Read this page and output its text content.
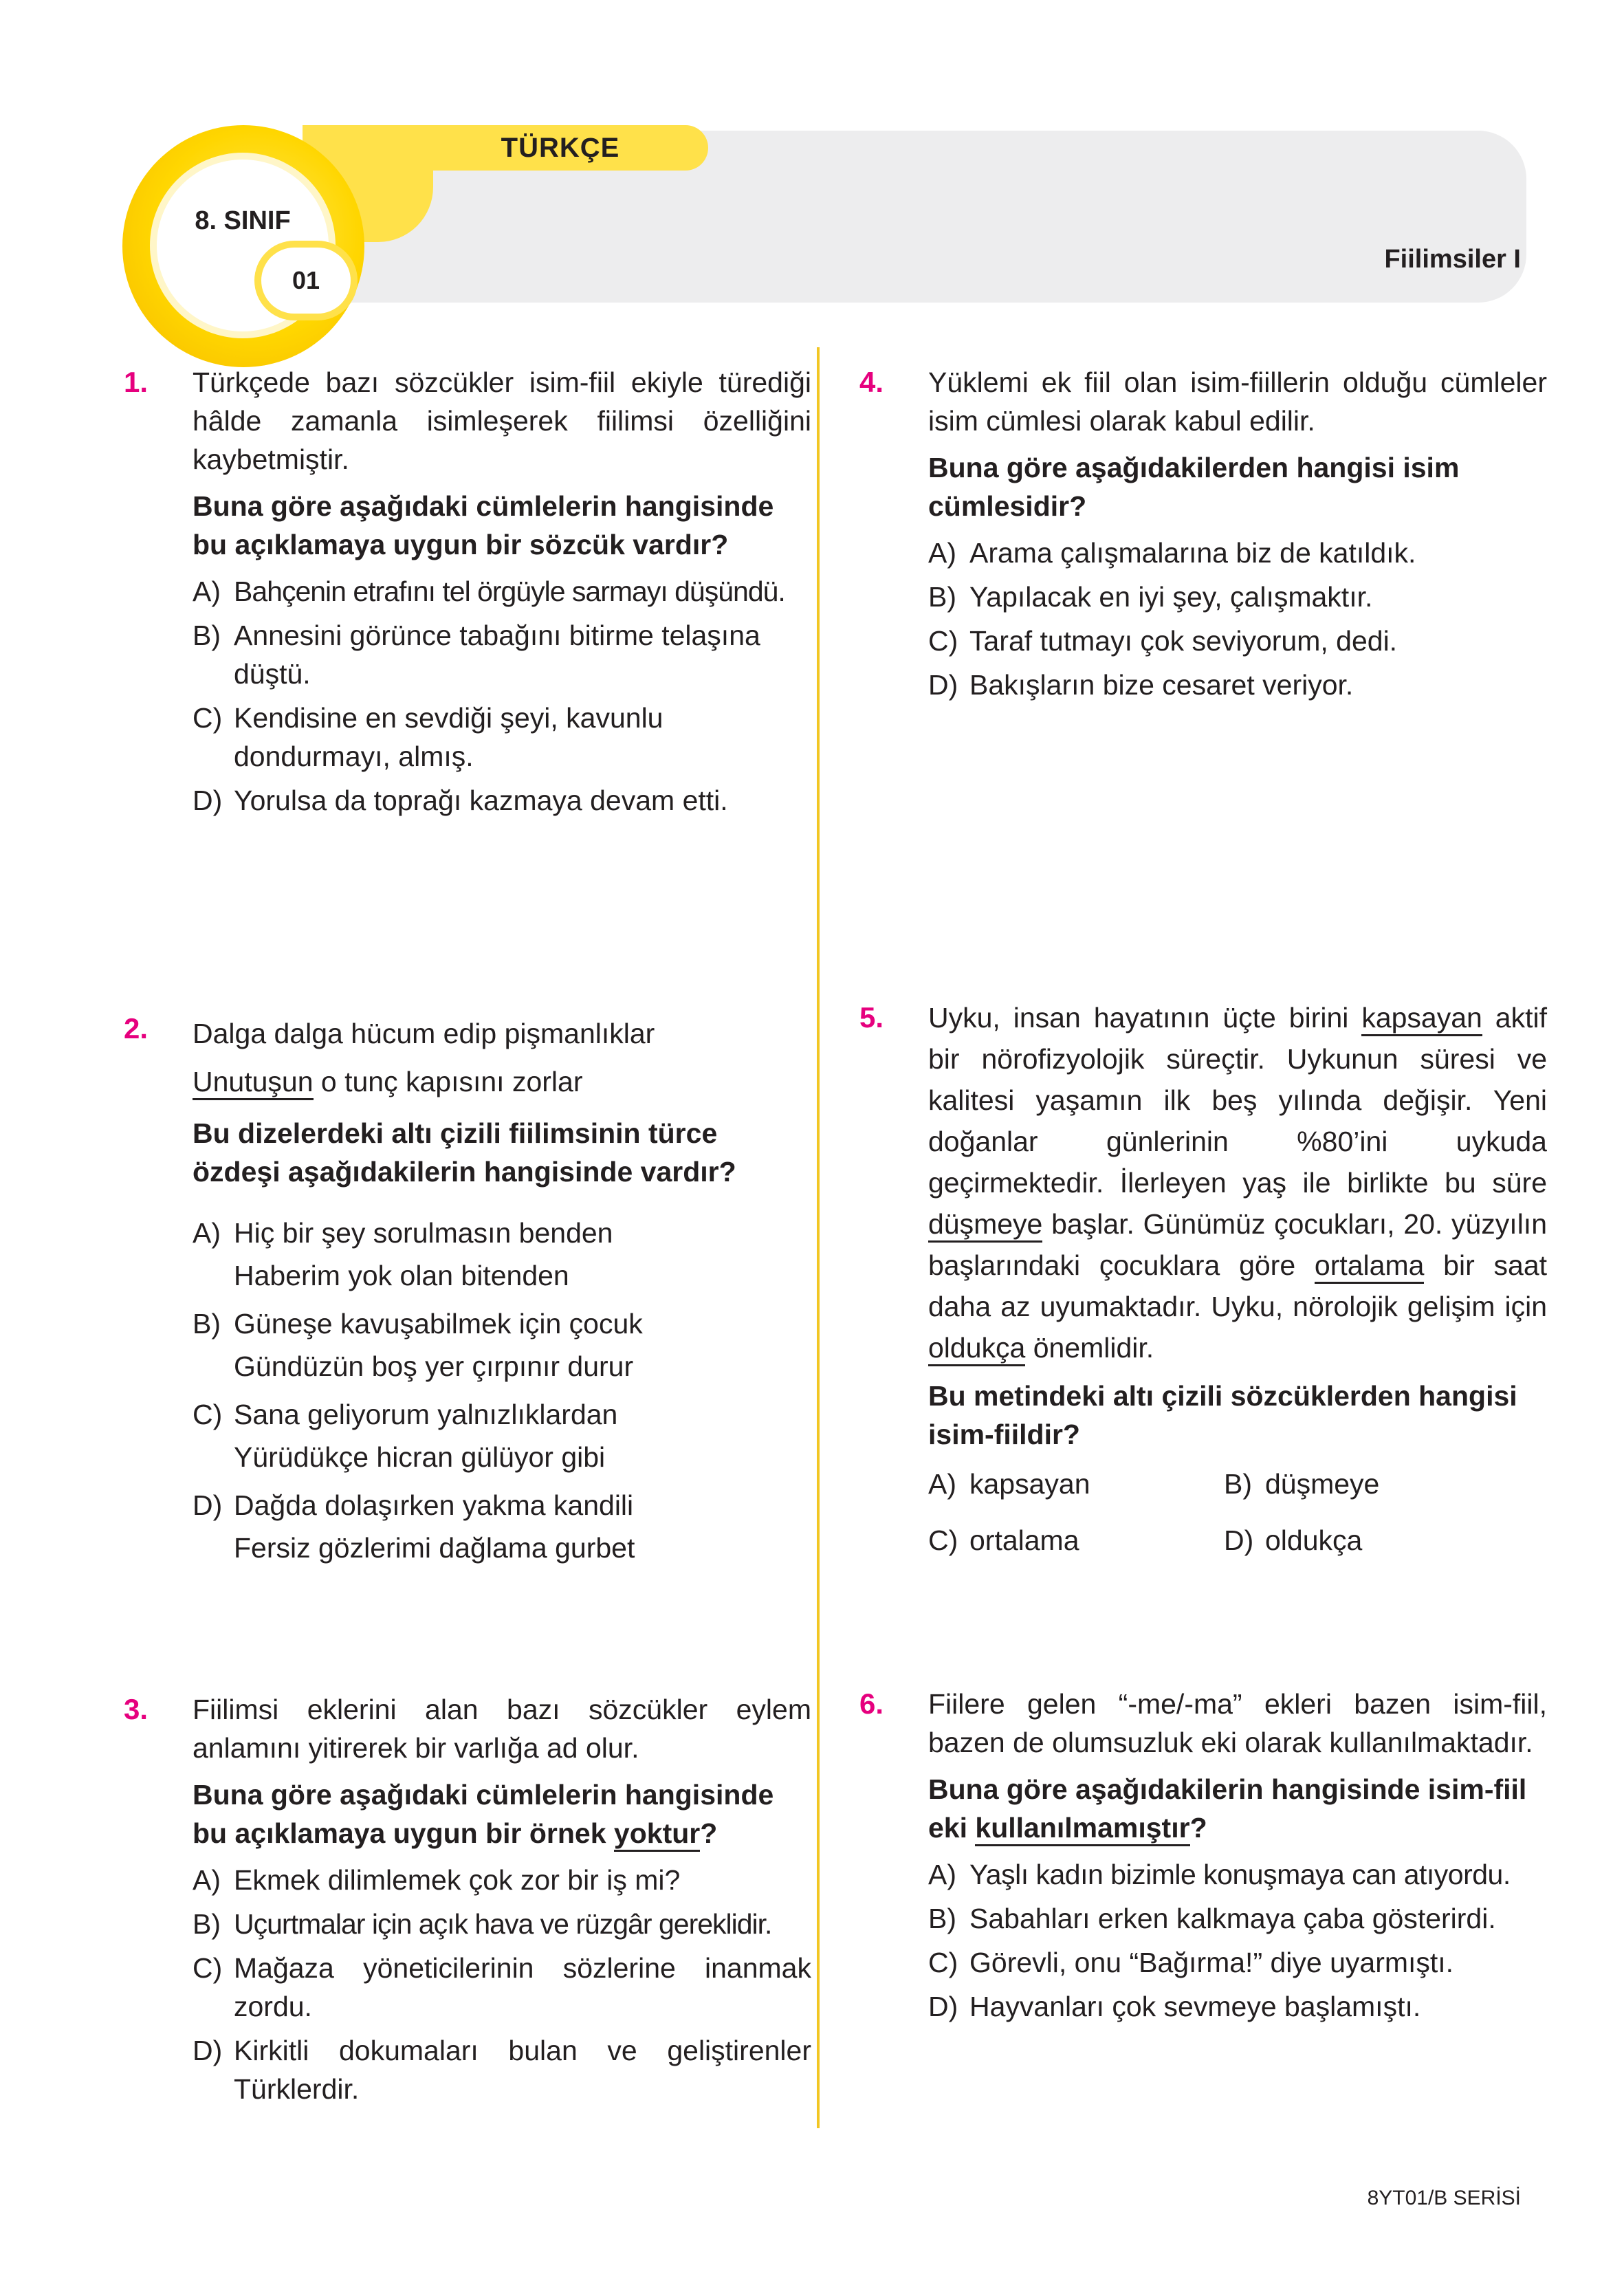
TÜRKÇE
8. SINIF
01
Fiilimsiler I
1.	Türkçede bazı sözcükler isim-fiil ekiyle türediği hâlde zamanla isimleşerek fiilimsi özelliğini kaybetmiştir.
Buna göre aşağıdaki cümlelerin hangisinde bu açıklamaya uygun bir sözcük vardır?
A) Bahçenin etrafını tel örgüyle sarmayı düşündü.
B) Annesini görünce tabağını bitirme telaşına düştü.
C) Kendisine en sevdiği şeyi, kavunlu dondurmayı, almış.
D) Yorulsa da toprağı kazmaya devam etti.
4.	Yüklemi ek fiil olan isim-fiillerin olduğu cümleler isim cümlesi olarak kabul edilir.
Buna göre aşağıdakilerden hangisi isim cümlesidir?
A) Arama çalışmalarına biz de katıldık.
B) Yapılacak en iyi şey, çalışmaktır.
C) Taraf tutmayı çok seviyorum, dedi.
D) Bakışların bize cesaret veriyor.
2.	Dalga dalga hücum edip pişmanlıklar
Unutuşun o tunç kapısını zorlar
Bu dizelerdeki altı çizili fiilimsinin türce özdeşi aşağıdakilerin hangisinde vardır?
A) Hiç bir şey sorulmasın benden
Haberim yok olan bitenden
B) Güneşe kavuşabilmek için çocuk
Gündüzün boş yer çırpınır durur
C) Sana geliyorum yalnızlıklardan
Yürüdükçe hicran gülüyor gibi
D) Dağda dolaşırken yakma kandili
Fersiz gözlerimi dağlama gurbet
5.	Uyku, insan hayatının üçte birini kapsayan aktif bir nörofizyolojik süreçtir. Uykunun süresi ve kalitesi yaşamın ilk beş yılında değişir. Yeni doğanlar günlerinin %80’ini uykuda geçirmektedir. İlerleyen yaş ile birlikte bu süre düşmeye başlar. Günümüz çocukları, 20. yüzyılın başlarındaki çocuklara göre ortalama bir saat daha az uyumaktadır. Uyku, nörolojik gelişim için oldukça önemlidir.
Bu metindeki altı çizili sözcüklerden hangisi isim-fiildir?
A) kapsayan	B) düşmeye
C) ortalama	D) oldukça
3.	Fiilimsi eklerini alan bazı sözcükler eylem anlamını yitirerek bir varlığa ad olur.
Buna göre aşağıdaki cümlelerin hangisinde bu açıklamaya uygun bir örnek yoktur?
A) Ekmek dilimlemek çok zor bir iş mi?
B) Uçurtmalar için açık hava ve rüzgâr gereklidir.
C) Mağaza yöneticilerinin sözlerine inanmak zordu.
D) Kirkitli dokumaları bulan ve geliştirenler Türklerdir.
6.	Fiilere gelen “-me/-ma” ekleri bazen isim-fiil, bazen de olumsuzluk eki olarak kullanılmaktadır.
Buna göre aşağıdakilerin hangisinde isim-fiil eki kullanılmamıştır?
A) Yaşlı kadın bizimle konuşmaya can atıyordu.
B) Sabahları erken kalkmaya çaba gösterirdi.
C) Görevli, onu “Bağırma!” diye uyarmıştı.
D) Hayvanları çok sevmeye başlamıştı.
8YT01/B SERİSİ
